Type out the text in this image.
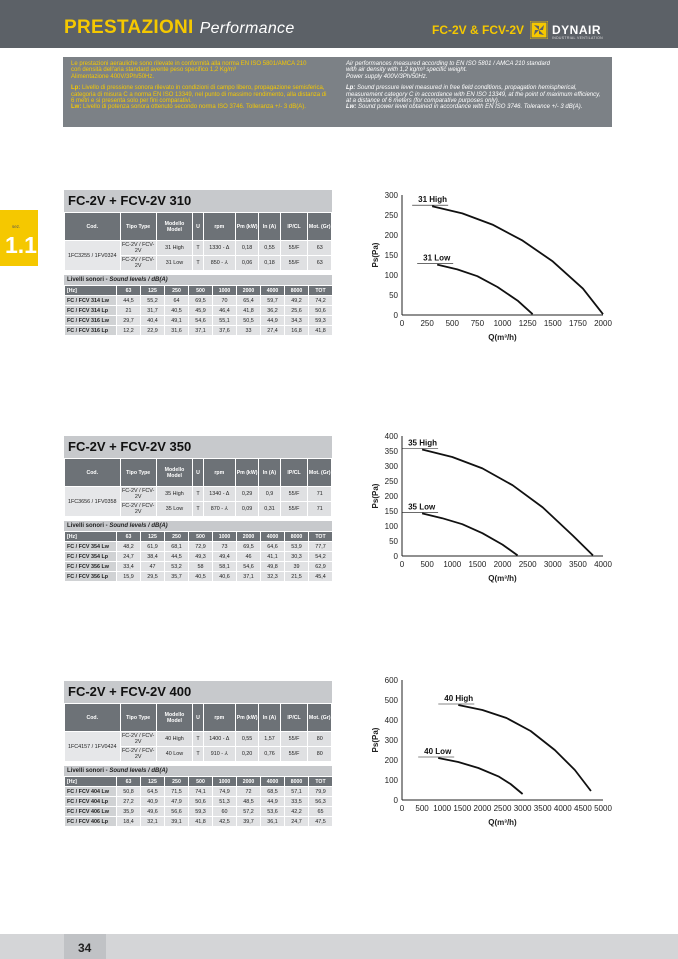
PRESTAZIONI Performance	FC-2V & FCV-2V DYNAIR
INDUSTRIAL VENTILATION

Le prestazioni aerauliche sono rilevate in conformità alla norma EN ISO 5801/AMCA 210

con densità dell'aria standard avente peso specifico 1,2 Kg/m³

Alimentazione 400V/3Ph/50Hz.

Lp: Livello di pressione sonora rilevato in condizioni di campo libero, propagazione semisferica, categoria di misura C a norma EN ISO 13349, nel punto di massimo rendimento, alla distanza di 6 metri e si presenta solo per fini comparativi.

Lw: Livello di potenza sonora ottenuto secondo norma ISO 3746. Tolleranza +/- 3 dB(A).

Air performances measured according to EN ISO 5801 / AMCA 210 standard

with air density with 1,2 kg/m³ specific weight.

Power supply 400V/3Ph/50Hz.

Lp: Sound pressure level measured in free field conditions, propagation hemispherical, measurement category C in accordance with EN ISO 13349, at the point of maximum efficiency, at a distance of 6 meters (for comparative purposes only).

Lw: Sound power level obtained in accordance with EN ISO 3746. Tolerance +/- 3 dB(A).

sez.
1.1
FC-2V + FCV-2V 310
Cod.	Tipo Type	Modello Model	U	rpm	Pm (kW)	In (A)	IP/CL	Mot. (Gr)
1FC3255 / 1FV0324	FC-2V / FCV-2V	31 High	T	1330 - Δ	0,18	0,55	55/F	63
	FC-2V / FCV-2V	31 Low	T	850 - ⅄	0,06	0,18	55/F	63
Livelli sonori - Sound levels / dB(A)
[Hz]	63	125	250	500	1000	2000	4000	8000	TOT
FC / FCV 314 Lw	44,5	55,2	64	69,5	70	65,4	59,7	49,2	74,2
FC / FCV 314 Lp	21	31,7	40,5	45,9	46,4	41,8	36,2	25,6	50,6
FC / FCV 316 Lw	29,7	40,4	49,1	54,6	55,1	50,5	44,9	34,3	59,3
FC / FCV 316 Lp	12,2	22,9	31,6	37,1	37,6	33	27,4	16,8	41,8
FC-2V + FCV-2V 350
Cod.	Tipo Type	Modello Model	U	rpm	Pm (kW)	In (A)	IP/CL	Mot. (Gr)
1FC3656 / 1FV0358	FC-2V / FCV-2V	35 High	T	1340 - Δ	0,29	0,9	55/F	71
	FC-2V / FCV-2V	35 Low	T	870 - ⅄	0,09	0,31	55/F	71
Livelli sonori - Sound levels / dB(A)
[Hz]	63	125	250	500	1000	2000	4000	8000	TOT
FC / FCV 354 Lw	48,2	61,9	68,1	72,9	73	69,5	64,6	53,9	77,7
FC / FCV 354 Lp	24,7	38,4	44,5	49,3	49,4	46	41,1	30,3	54,2
FC / FCV 356 Lw	33,4	47	53,2	58	58,1	54,6	49,8	39	62,9
FC / FCV 356 Lp	15,9	29,5	35,7	40,5	40,6	37,1	32,3	21,5	45,4
FC-2V + FCV-2V 400
Cod.	Tipo Type	Modello Model	U	rpm	Pm (kW)	In (A)	IP/CL	Mot. (Gr)
1FC4157 / 1FV0424	FC-2V / FCV-2V	40 High	T	1400 - Δ	0,55	1,57	55/F	80
	FC-2V / FCV-2V	40 Low	T	910 - ⅄	0,20	0,76	55/F	80
Livelli sonori - Sound levels / dB(A)
[Hz]	63	125	250	500	1000	2000	4000	8000	TOT
FC / FCV 404 Lw	50,8	64,5	71,5	74,1	74,9	72	68,5	57,1	79,9
FC / FCV 404 Lp	27,2	40,9	47,9	50,6	51,3	48,5	44,9	33,5	56,3
FC / FCV 406 Lw	35,9	49,6	56,6	59,3	60	57,2	53,6	42,2	65
FC / FCV 406 Lp	18,4	32,1	39,1	41,8	42,5	39,7	36,1	24,7	47,5
0 250 500 750 1000 1250 1500 1750 2000
0
50
100
150
200
250
300
Q(m³/h)
Ps(Pa)
31 High
31 Low
0 500 1000 1500 2000 2500 3000 3500 4000
0
50
100
150
200
250
300
350
400
Q(m³/h)
Ps(Pa)
35 High
35 Low
0 500 1000 1500 2000 2500 3000 3500 4000 4500 5000
0
100
200
300
400
500
600
Q(m³/h)
Ps(Pa)
40 High
40 Low
34
